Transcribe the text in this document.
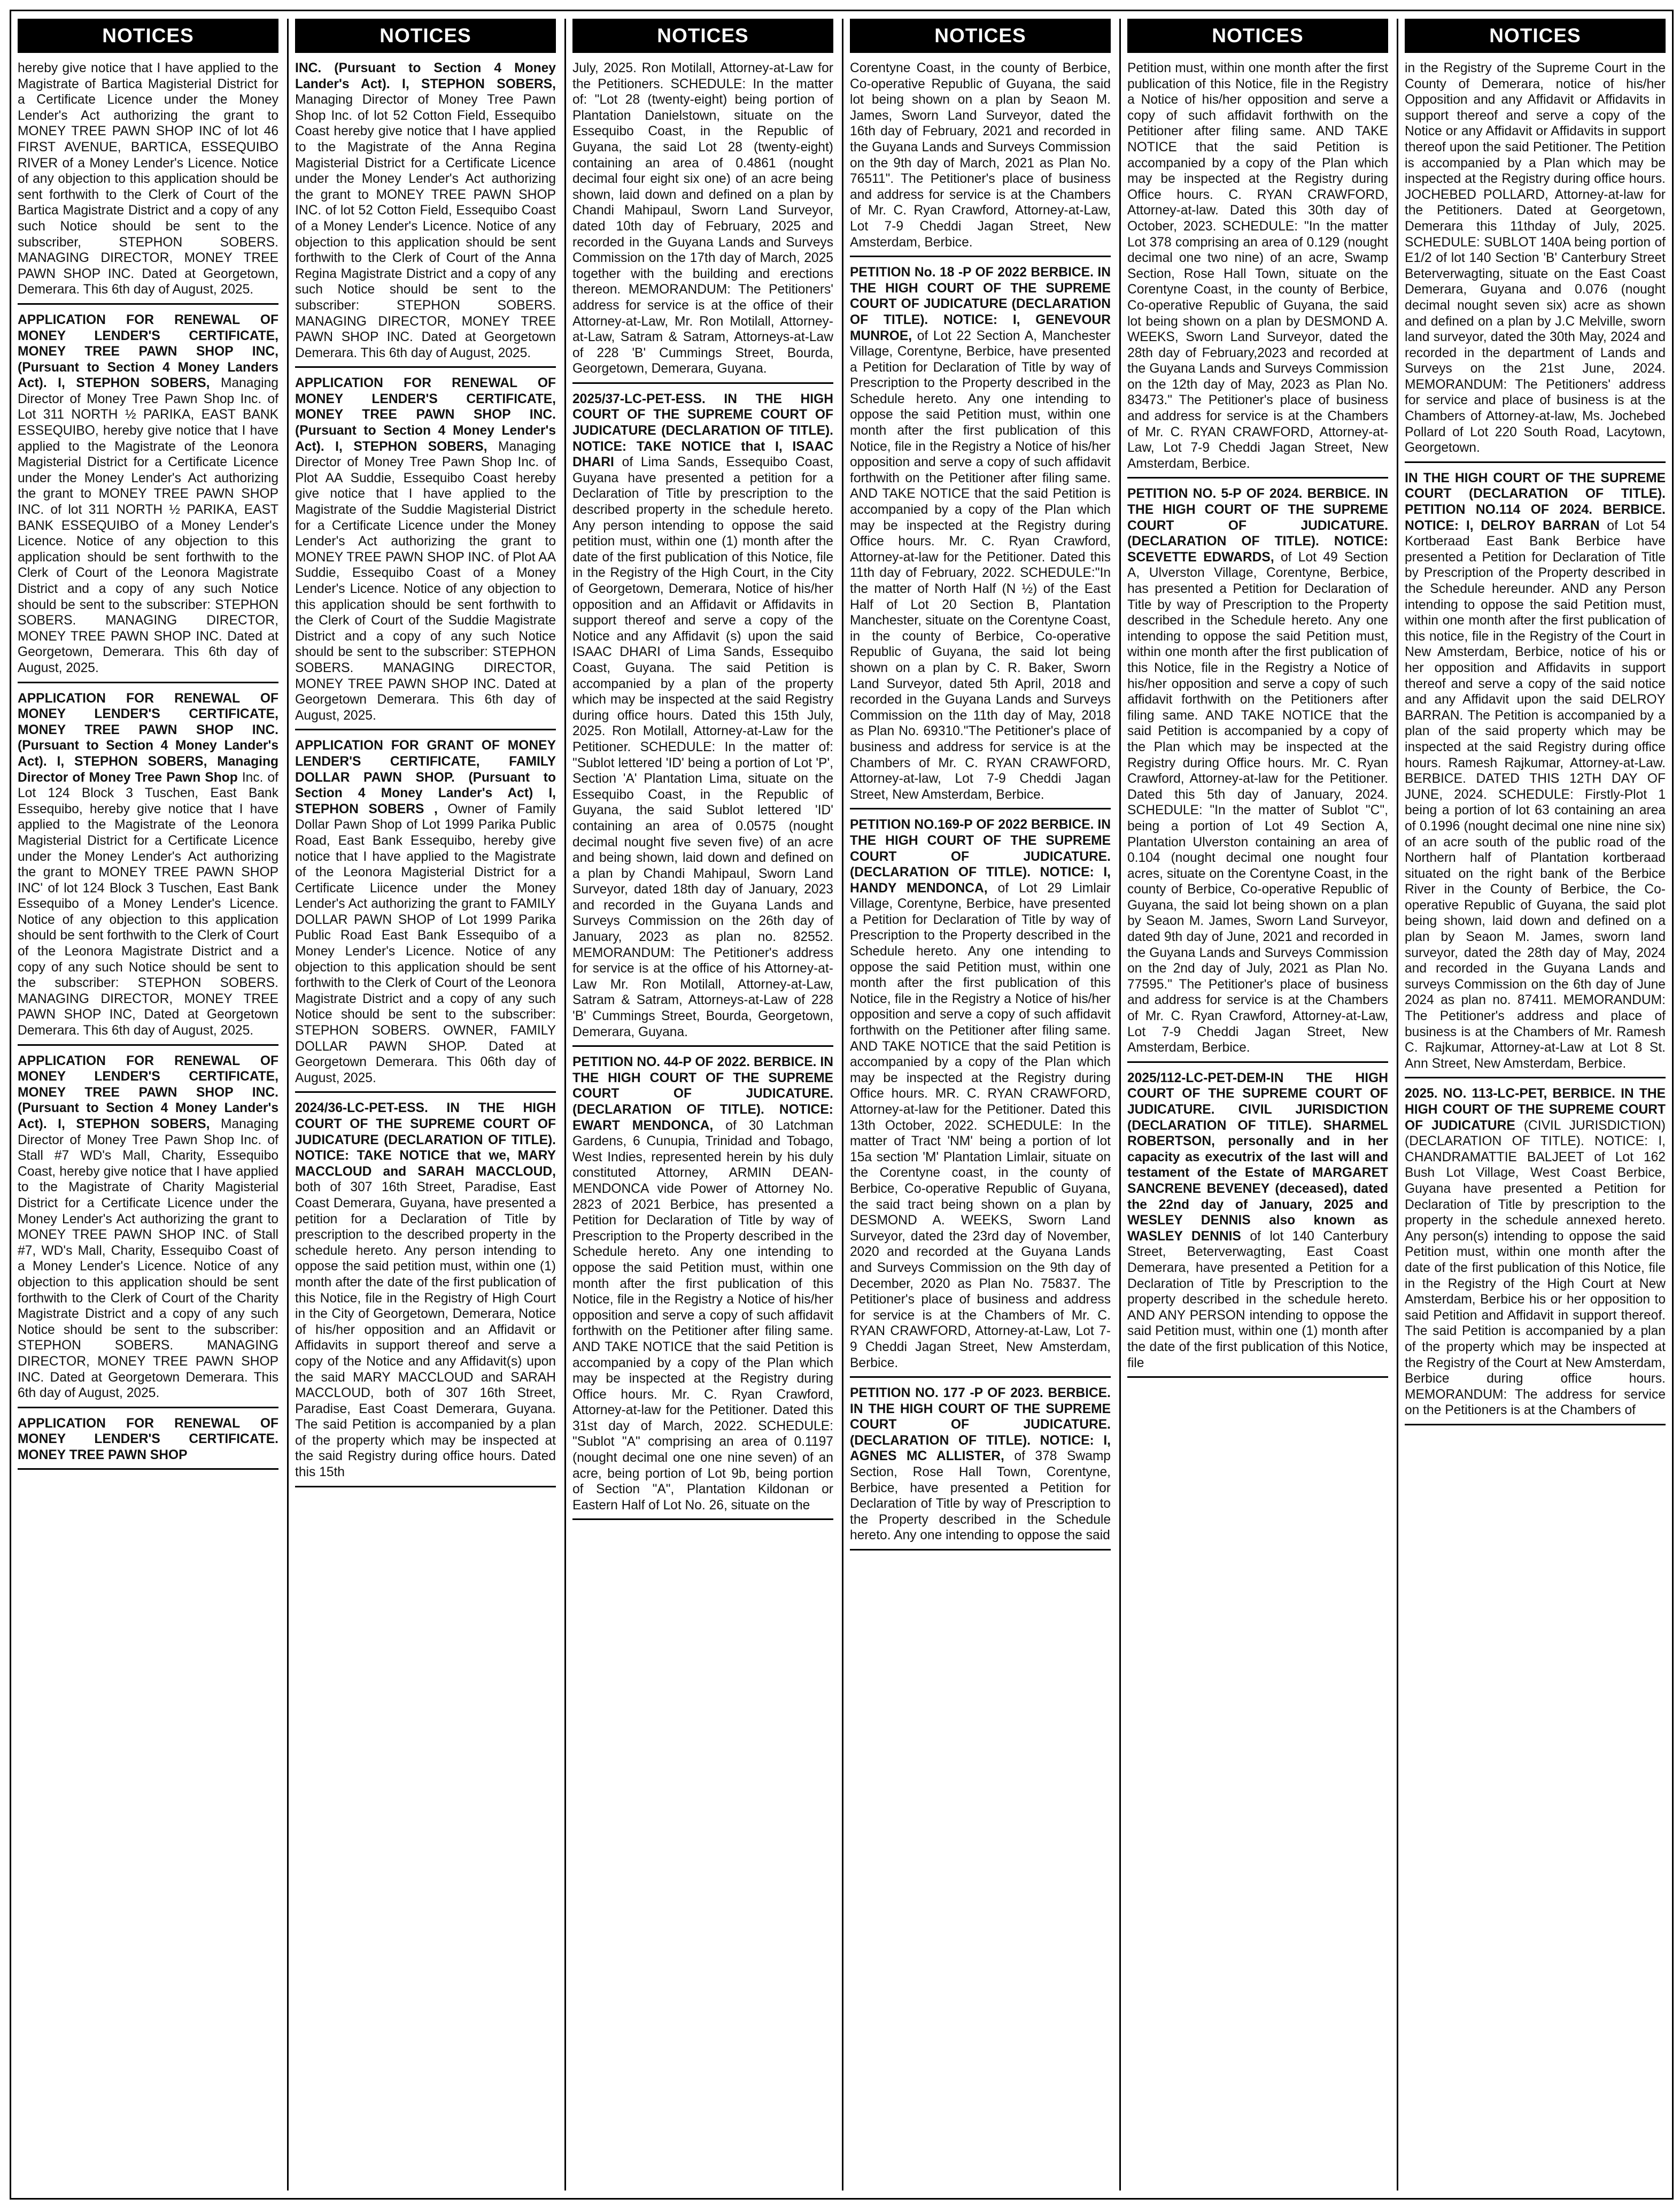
NOTICES
hereby give notice that I have applied to the Magistrate of Bartica Magisterial District for a Certificate Licence under the Money Lender's Act authorizing the grant to MONEY TREE PAWN SHOP INC of lot 46 FIRST AVENUE, BARTICA, ESSEQUIBO RIVER of a Money Lender's Licence. Notice of any objection to this application should be sent forthwith to the Clerk of Court of the Bartica Magistrate District and a copy of any such Notice should be sent to the subscriber, STEPHON SOBERS. MANAGING DIRECTOR, MONEY TREE PAWN SHOP INC. Dated at Georgetown, Demerara. This 6th day of August, 2025.
APPLICATION FOR RENEWAL OF MONEY LENDER'S CERTIFICATE, MONEY TREE PAWN SHOP INC, (Pursuant to Section 4 Money Landers Act). I, STEPHON SOBERS, Managing Director of Money Tree Pawn Shop Inc. of Lot 311 NORTH ½ PARIKA, EAST BANK ESSEQUIBO, hereby give notice that I have applied to the Magistrate of the Leonora Magisterial District for a Certificate Licence under the Money Lender's Act authorizing the grant to MONEY TREE PAWN SHOP INC. of lot 311 NORTH ½ PARIKA, EAST BANK ESSEQUIBO of a Money Lender's Licence. Notice of any objection to this application should be sent forthwith to the Clerk of Court of the Leonora Magistrate District and a copy of any such Notice should be sent to the subscriber: STEPHON SOBERS. MANAGING DIRECTOR, MONEY TREE PAWN SHOP INC. Dated at Georgetown, Demerara. This 6th day of August, 2025.
APPLICATION FOR RENEWAL OF MONEY LENDER'S CERTIFICATE, MONEY TREE PAWN SHOP INC. (Pursuant to Section 4 Money Lander's Act). I, STEPHON SOBERS, Managing Director of Money Tree Pawn Shop Inc. of Lot 124 Block 3 Tuschen, East Bank Essequibo, hereby give notice that I have applied to the Magistrate of the Leonora Magisterial District for a Certificate Licence under the Money Lender's Act authorizing the grant to MONEY TREE PAWN SHOP INC' of lot 124 Block 3 Tuschen, East Bank Essequibo of a Money Lender's Licence. Notice of any objection to this application should be sent forthwith to the Clerk of Court of the Leonora Magistrate District and a copy of any such Notice should be sent to the subscriber: STEPHON SOBERS. MANAGING DIRECTOR, MONEY TREE PAWN SHOP INC, Dated at Georgetown Demerara. This 6th day of August, 2025.
APPLICATION FOR RENEWAL OF MONEY LENDER'S CERTIFICATE, MONEY TREE PAWN SHOP INC. (Pursuant to Section 4 Money Lander's Act). I, STEPHON SOBERS, Managing Director of Money Tree Pawn Shop Inc. of Stall #7 WD's Mall, Charity, Essequibo Coast, hereby give notice that I have applied to the Magistrate of Charity Magisterial District for a Certificate Licence under the Money Lender's Act authorizing the grant to MONEY TREE PAWN SHOP INC. of Stall #7, WD's Mall, Charity, Essequibo Coast of a Money Lender's Licence. Notice of any objection to this application should be sent forthwith to the Clerk of Court of the Charity Magistrate District and a copy of any such Notice should be sent to the subscriber: STEPHON SOBERS. MANAGING DIRECTOR, MONEY TREE PAWN SHOP INC. Dated at Georgetown Demerara. This 6th day of August, 2025.
APPLICATION FOR RENEWAL OF MONEY LENDER'S CERTIFICATE. MONEY TREE PAWN SHOP
NOTICES
INC. (Pursuant to Section 4 Money Lander's Act). I, STEPHON SOBERS, Managing Director of Money Tree Pawn Shop Inc. of lot 52 Cotton Field, Essequibo Coast hereby give notice that I have applied to the Magistrate of the Anna Regina Magisterial District for a Certificate Licence under the Money Lender's Act authorizing the grant to MONEY TREE PAWN SHOP INC. of lot 52 Cotton Field, Essequibo Coast of a Money Lender's Licence. Notice of any objection to this application should be sent forthwith to the Clerk of Court of the Anna Regina Magistrate District and a copy of any such Notice should be sent to the subscriber: STEPHON SOBERS. MANAGING DIRECTOR, MONEY TREE PAWN SHOP INC. Dated at Georgetown Demerara. This 6th day of August, 2025.
APPLICATION FOR RENEWAL OF MONEY LENDER'S CERTIFICATE, MONEY TREE PAWN SHOP INC. (Pursuant to Section 4 Money Lender's Act). I, STEPHON SOBERS, Managing Director of Money Tree Pawn Shop Inc. of Plot AA Suddie, Essequibo Coast hereby give notice that I have applied to the Magistrate of the Suddie Magisterial District for a Certificate Licence under the Money Lender's Act authorizing the grant to MONEY TREE PAWN SHOP INC. of Plot AA Suddie, Essequibo Coast of a Money Lender's Licence. Notice of any objection to this application should be sent forthwith to the Clerk of Court of the Suddie Magistrate District and a copy of any such Notice should be sent to the subscriber: STEPHON SOBERS. MANAGING DIRECTOR, MONEY TREE PAWN SHOP INC. Dated at Georgetown Demerara. This 6th day of August, 2025.
APPLICATION FOR GRANT OF MONEY LENDER'S CERTIFICATE, FAMILY DOLLAR PAWN SHOP. (Pursuant to Section 4 Money Lander's Act) I, STEPHON SOBERS , Owner of Family Dollar Pawn Shop of Lot 1999 Parika Public Road, East Bank Essequibo, hereby give notice that I have applied to the Magistrate of the Leonora Magisterial District for a Certificate Liicence under the Money Lender's Act authorizing the grant to FAMILY DOLLAR PAWN SHOP of Lot 1999 Parika Public Road East Bank Essequibo of a Money Lender's Licence. Notice of any objection to this application should be sent forthwith to the Clerk of Court of the Leonora Magistrate District and a copy of any such Notice should be sent to the subscriber: STEPHON SOBERS. OWNER, FAMILY DOLLAR PAWN SHOP. Dated at Georgetown Demerara. This 06th day of August, 2025.
2024/36-LC-PET-ESS. IN THE HIGH COURT OF THE SUPREME COURT OF JUDICATURE (DECLARATION OF TITLE). NOTICE: TAKE NOTICE that we, MARY MACCLOUD and SARAH MACCLOUD, both of 307 16th Street, Paradise, East Coast Demerara, Guyana, have presented a petition for a Declaration of Title by prescription to the described property in the schedule hereto. Any person intending to oppose the said petition must, within one (1) month after the date of the first publication of this Notice, file in the Registry of High Court in the City of Georgetown, Demerara, Notice of his/her opposition and an Affidavit or Affidavits in support thereof and serve a copy of the Notice and any Affidavit(s) upon the said MARY MACCLOUD and SARAH MACCLOUD, both of 307 16th Street, Paradise, East Coast Demerara, Guyana. The said Petition is accompanied by a plan of the property which may be inspected at the said Registry during office hours. Dated this 15th
NOTICES
July, 2025. Ron Motilall, Attorney-at-Law for the Petitioners. SCHEDULE: In the matter of: "Lot 28 (twenty-eight) being portion of Plantation Danielstown, situate on the Essequibo Coast, in the Republic of Guyana, the said Lot 28 (twenty-eight) containing an area of 0.4861 (nought decimal four eight six one) of an acre being shown, laid down and defined on a plan by Chandi Mahipaul, Sworn Land Surveyor, dated 10th day of February, 2025 and recorded in the Guyana Lands and Surveys Commission on the 17th day of March, 2025 together with the building and erections thereon. MEMORANDUM: The Petitioners' address for service is at the office of their Attorney-at-Law, Mr. Ron Motilall, Attorney-at-Law, Satram & Satram, Attorneys-at-Law of 228 'B' Cummings Street, Bourda, Georgetown, Demerara, Guyana.
2025/37-LC-PET-ESS. IN THE HIGH COURT OF THE SUPREME COURT OF JUDICATURE (DECLARATION OF TITLE). NOTICE: TAKE NOTICE that I, ISAAC DHARI of Lima Sands, Essequibo Coast, Guyana have presented a petition for a Declaration of Title by prescription to the described property in the schedule hereto. Any person intending to oppose the said petition must, within one (1) month after the date of the first publication of this Notice, file in the Registry of the High Court, in the City of Georgetown, Demerara, Notice of his/her opposition and an Affidavit or Affidavits in support thereof and serve a copy of the Notice and any Affidavit (s) upon the said ISAAC DHARI of Lima Sands, Essequibo Coast, Guyana. The said Petition is accompanied by a plan of the property which may be inspected at the said Registry during office hours. Dated this 15th July, 2025. Ron Motilall, Attorney-at-Law for the Petitioner. SCHEDULE: In the matter of: "Sublot lettered 'ID' being a portion of Lot 'P', Section 'A' Plantation Lima, situate on the Essequibo Coast, in the Republic of Guyana, the said Sublot lettered 'ID' containing an area of 0.0575 (nought decimal nought five seven five) of an acre and being shown, laid down and defined on a plan by Chandi Mahipaul, Sworn Land Surveyor, dated 18th day of January, 2023 and recorded in the Guyana Lands and Surveys Commission on the 26th day of January, 2023 as plan no. 82552. MEMORANDUM: The Petitioner's address for service is at the office of his Attorney-at-Law Mr. Ron Motilall, Attorney-at-Law, Satram & Satram, Attorneys-at-Law of 228 'B' Cummings Street, Bourda, Georgetown, Demerara, Guyana.
PETITION NO. 44-P OF 2022. BERBICE. IN THE HIGH COURT OF THE SUPREME COURT OF JUDICATURE. (DECLARATION OF TITLE). NOTICE: EWART MENDONCA, of 30 Latchman Gardens, 6 Cunupia, Trinidad and Tobago, West Indies, represented herein by his duly constituted Attorney, ARMIN DEAN-MENDONCA vide Power of Attorney No. 2823 of 2021 Berbice, has presented a Petition for Declaration of Title by way of Prescription to the Property described in the Schedule hereto. Any one intending to oppose the said Petition must, within one month after the first publication of this Notice, file in the Registry a Notice of his/her opposition and serve a copy of such affidavit forthwith on the Petitioner after filing same. AND TAKE NOTICE that the said Petition is accompanied by a copy of the Plan which may be inspected at the Registry during Office hours. Mr. C. Ryan Crawford, Attorney-at-law for the Petitioner. Dated this 31st day of March, 2022. SCHEDULE: "Sublot "A" comprising an area of 0.1197 (nought decimal one one nine seven) of an acre, being portion of Lot 9b, being portion of Section "A", Plantation Kildonan or Eastern Half of Lot No. 26, situate on the
NOTICES
Corentyne Coast, in the county of Berbice, Co-operative Republic of Guyana, the said lot being shown on a plan by Seaon M. James, Sworn Land Surveyor, dated the 16th day of February, 2021 and recorded in the Guyana Lands and Surveys Commission on the 9th day of March, 2021 as Plan No. 76511". The Petitioner's place of business and address for service is at the Chambers of Mr. C. Ryan Crawford, Attorney-at-Law, Lot 7-9 Cheddi Jagan Street, New Amsterdam, Berbice.
PETITION No. 18 -P OF 2022 BERBICE. IN THE HIGH COURT OF THE SUPREME COURT OF JUDICATURE (DECLARATION OF TITLE). NOTICE: I, GENEVOUR MUNROE, of Lot 22 Section A, Manchester Village, Corentyne, Berbice, have presented a Petition for Declaration of Title by way of Prescription to the Property described in the Schedule hereto. Any one intending to oppose the said Petition must, within one month after the first publication of this Notice, file in the Registry a Notice of his/her opposition and serve a copy of such affidavit forthwith on the Petitioner after filing same. AND TAKE NOTICE that the said Petition is accompanied by a copy of the Plan which may be inspected at the Registry during Office hours. Mr. C. Ryan Crawford, Attorney-at-law for the Petitioner. Dated this 11th day of February, 2022. SCHEDULE:"In the matter of North Half (N ½) of the East Half of Lot 20 Section B, Plantation Manchester, situate on the Corentyne Coast, in the county of Berbice, Co-operative Republic of Guyana, the said lot being shown on a plan by C. R. Baker, Sworn Land Surveyor, dated 5th April, 2018 and recorded in the Guyana Lands and Surveys Commission on the 11th day of May, 2018 as Plan No. 69310."The Petitioner's place of business and address for service is at the Chambers of Mr. C. RYAN CRAWFORD, Attorney-at-law, Lot 7-9 Cheddi Jagan Street, New Amsterdam, Berbice.
PETITION NO.169-P OF 2022 BERBICE. IN THE HIGH COURT OF THE SUPREME COURT OF JUDICATURE. (DECLARATION OF TITLE). NOTICE: I, HANDY MENDONCA, of Lot 29 Limlair Village, Corentyne, Berbice, have presented a Petition for Declaration of Title by way of Prescription to the Property described in the Schedule hereto. Any one intending to oppose the said Petition must, within one month after the first publication of this Notice, file in the Registry a Notice of his/her opposition and serve a copy of such affidavit forthwith on the Petitioner after filing same. AND TAKE NOTICE that the said Petition is accompanied by a copy of the Plan which may be inspected at the Registry during Office hours. MR. C. RYAN CRAWFORD, Attorney-at-law for the Petitioner. Dated this 13th October, 2022. SCHEDULE: In the matter of Tract 'NM' being a portion of lot 15a section 'M' Plantation Limlair, situate on the Corentyne coast, in the county of Berbice, Co-operative Republic of Guyana, the said tract being shown on a plan by DESMOND A. WEEKS, Sworn Land Surveyor, dated the 23rd day of November, 2020 and recorded at the Guyana Lands and Surveys Commission on the 9th day of December, 2020 as Plan No. 75837. The Petitioner's place of business and address for service is at the Chambers of Mr. C. RYAN CRAWFORD, Attorney-at-Law, Lot 7-9 Cheddi Jagan Street, New Amsterdam, Berbice.
PETITION NO. 177 -P OF 2023. BERBICE. IN THE HIGH COURT OF THE SUPREME COURT OF JUDICATURE. (DECLARATION OF TITLE). NOTICE: I, AGNES MC ALLISTER, of 378 Swamp Section, Rose Hall Town, Corentyne, Berbice, have presented a Petition for Declaration of Title by way of Prescription to the Property described in the Schedule hereto. Any one intending to oppose the said
NOTICES
Petition must, within one month after the first publication of this Notice, file in the Registry a Notice of his/her opposition and serve a copy of such affidavit forthwith on the Petitioner after filing same. AND TAKE NOTICE that the said Petition is accompanied by a copy of the Plan which may be inspected at the Registry during Office hours. C. RYAN CRAWFORD, Attorney-at-law. Dated this 30th day of October, 2023. SCHEDULE: "In the matter Lot 378 comprising an area of 0.129 (nought decimal one two nine) of an acre, Swamp Section, Rose Hall Town, situate on the Corentyne Coast, in the county of Berbice, Co-operative Republic of Guyana, the said lot being shown on a plan by DESMOND A. WEEKS, Sworn Land Surveyor, dated the 28th day of February,2023 and recorded at the Guyana Lands and Surveys Commission on the 12th day of May, 2023 as Plan No. 83473." The Petitioner's place of business and address for service is at the Chambers of Mr. C. RYAN CRAWFORD, Attorney-at-Law, Lot 7-9 Cheddi Jagan Street, New Amsterdam, Berbice.
PETITION NO. 5-P OF 2024. BERBICE. IN THE HIGH COURT OF THE SUPREME COURT OF JUDICATURE. (DECLARATION OF TITLE). NOTICE: SCEVETTE EDWARDS, of Lot 49 Section A, Ulverston Village, Corentyne, Berbice, has presented a Petition for Declaration of Title by way of Prescription to the Property described in the Schedule hereto. Any one intending to oppose the said Petition must, within one month after the first publication of this Notice, file in the Registry a Notice of his/her opposition and serve a copy of such affidavit forthwith on the Petitioners after filing same. AND TAKE NOTICE that the said Petition is accompanied by a copy of the Plan which may be inspected at the Registry during Office hours. Mr. C. Ryan Crawford, Attorney-at-law for the Petitioner. Dated this 5th day of January, 2024. SCHEDULE: "In the matter of Sublot "C", being a portion of Lot 49 Section A, Plantation Ulverston containing an area of 0.104 (nought decimal one nought four acres, situate on the Corentyne Coast, in the county of Berbice, Co-operative Republic of Guyana, the said lot being shown on a plan by Seaon M. James, Sworn Land Surveyor, dated 9th day of June, 2021 and recorded in the Guyana Lands and Surveys Commission on the 2nd day of July, 2021 as Plan No. 77595." The Petitioner's place of business and address for service is at the Chambers of Mr. C. Ryan Crawford, Attorney-at-Law, Lot 7-9 Cheddi Jagan Street, New Amsterdam, Berbice.
2025/112-LC-PET-DEM-IN THE HIGH COURT OF THE SUPREME COURT OF JUDICATURE. CIVIL JURISDICTION (DECLARATION OF TITLE). SHARMEL ROBERTSON, personally and in her capacity as executrix of the last will and testament of the Estate of MARGARET SANCRENE BEVENEY (deceased), dated the 22nd day of January, 2025 and WESLEY DENNIS also known as WASLEY DENNIS of lot 140 Canterbury Street, Beterverwagting, East Coast Demerara, have presented a Petition for a Declaration of Title by Prescription to the property described in the schedule hereto. AND ANY PERSON intending to oppose the said Petition must, within one (1) month after the date of the first publication of this Notice, file
NOTICES
in the Registry of the Supreme Court in the County of Demerara, notice of his/her Opposition and any Affidavit or Affidavits in support thereof and serve a copy of the Notice or any Affidavit or Affidavits in support thereof upon the said Petitioner. The Petition is accompanied by a Plan which may be inspected at the Registry during office hours. JOCHEBED POLLARD, Attorney-at-law for the Petitioners. Dated at Georgetown, Demerara this 11thday of July, 2025. SCHEDULE: SUBLOT 140A being portion of E1/2 of lot 140 Section 'B' Canterbury Street Beterverwagting, situate on the East Coast Demerara, Guyana and 0.076 (nought decimal nought seven six) acre as shown and defined on a plan by J.C Melville, sworn land surveyor, dated the 30th May, 2024 and recorded in the department of Lands and Surveys on the 21st June, 2024. MEMORANDUM: The Petitioners' address for service and place of business is at the Chambers of Attorney-at-law, Ms. Jochebed Pollard of Lot 220 South Road, Lacytown, Georgetown.
IN THE HIGH COURT OF THE SUPREME COURT (DECLARATION OF TITLE). PETITION NO.114 OF 2024. BERBICE. NOTICE: I, DELROY BARRAN of Lot 54 Kortberaad East Bank Berbice have presented a Petition for Declaration of Title by Prescription of the Property described in the Schedule hereunder. AND any Person intending to oppose the said Petition must, within one month after the first publication of this notice, file in the Registry of the Court in New Amsterdam, Berbice, notice of his or her opposition and Affidavits in support thereof and serve a copy of the said notice and any Affidavit upon the said DELROY BARRAN. The Petition is accompanied by a plan of the said property which may be inspected at the said Registry during office hours. Ramesh Rajkumar, Attorney-at-Law. BERBICE. DATED THIS 12TH DAY OF JUNE, 2024. SCHEDULE: Firstly-Plot 1 being a portion of lot 63 containing an area of 0.1996 (nought decimal one nine nine six) of an acre south of the public road of the Northern half of Plantation kortberaad situated on the right bank of the Berbice River in the County of Berbice, the Co-operative Republic of Guyana, the said plot being shown, laid down and defined on a plan by Seaon M. James, sworn land surveyor, dated the 28th day of May, 2024 and recorded in the Guyana Lands and surveys Commission on the 6th day of June 2024 as plan no. 87411. MEMORANDUM: The Petitioner's address and place of business is at the Chambers of Mr. Ramesh C. Rajkumar, Attorney-at-Law at Lot 8 St. Ann Street, New Amsterdam, Berbice.
2025. NO. 113-LC-PET, BERBICE. IN THE HIGH COURT OF THE SUPREME COURT OF JUDICATURE (CIVIL JURISDICTION) (DECLARATION OF TITLE). NOTICE: I, CHANDRAMATTIE BALJEET of Lot 162 Bush Lot Village, West Coast Berbice, Guyana have presented a Petition for Declaration of Title by prescription to the property in the schedule annexed hereto. Any person(s) intending to oppose the said Petition must, within one month after the date of the first publication of this Notice, file in the Registry of the High Court at New Amsterdam, Berbice his or her opposition to said Petition and Affidavit in support thereof. The said Petition is accompanied by a plan of the property which may be inspected at the Registry of the Court at New Amsterdam, Berbice during office hours. MEMORANDUM: The address for service on the Petitioners is at the Chambers of
